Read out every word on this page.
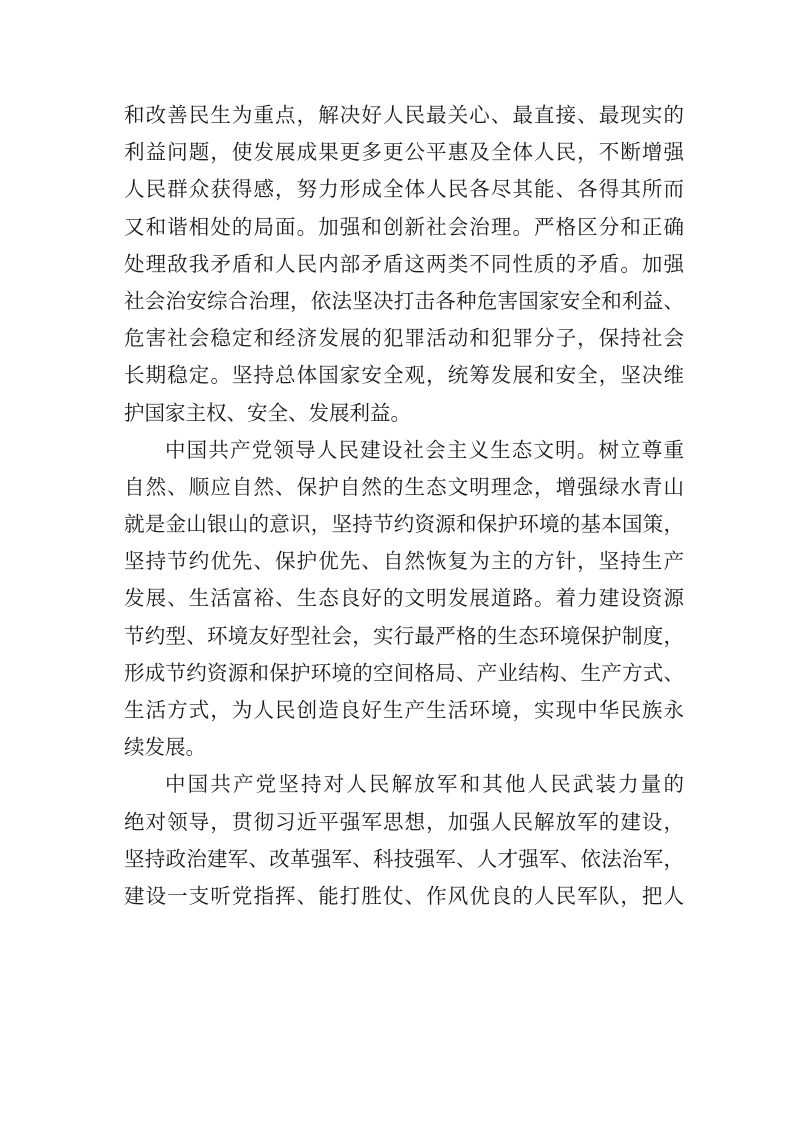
和改善民生为重点，解决好人民最关心、最直接、最现实的
利益问题，使发展成果更多更公平惠及全体人民，不断增强
人民群众获得感，努力形成全体人民各尽其能、各得其所而
又和谐相处的局面。加强和创新社会治理。严格区分和正确
处理敌我矛盾和人民内部矛盾这两类不同性质的矛盾。加强
社会治安综合治理，依法坚决打击各种危害国家安全和利益、
危害社会稳定和经济发展的犯罪活动和犯罪分子，保持社会
长期稳定。坚持总体国家安全观，统筹发展和安全，坚决维
护国家主权、安全、发展利益。
中国共产党领导人民建设社会主义生态文明。树立尊重
自然、顺应自然、保护自然的生态文明理念，增强绿水青山
就是金山银山的意识，坚持节约资源和保护环境的基本国策，
坚持节约优先、保护优先、自然恢复为主的方针，坚持生产
发展、生活富裕、生态良好的文明发展道路。着力建设资源
节约型、环境友好型社会，实行最严格的生态环境保护制度，
形成节约资源和保护环境的空间格局、产业结构、生产方式、
生活方式，为人民创造良好生产生活环境，实现中华民族永
续发展。
中国共产党坚持对人民解放军和其他人民武装力量的
绝对领导，贯彻习近平强军思想，加强人民解放军的建设，
坚持政治建军、改革强军、科技强军、人才强军、依法治军，
建设一支听党指挥、能打胜仗、作风优良的人民军队，把人
